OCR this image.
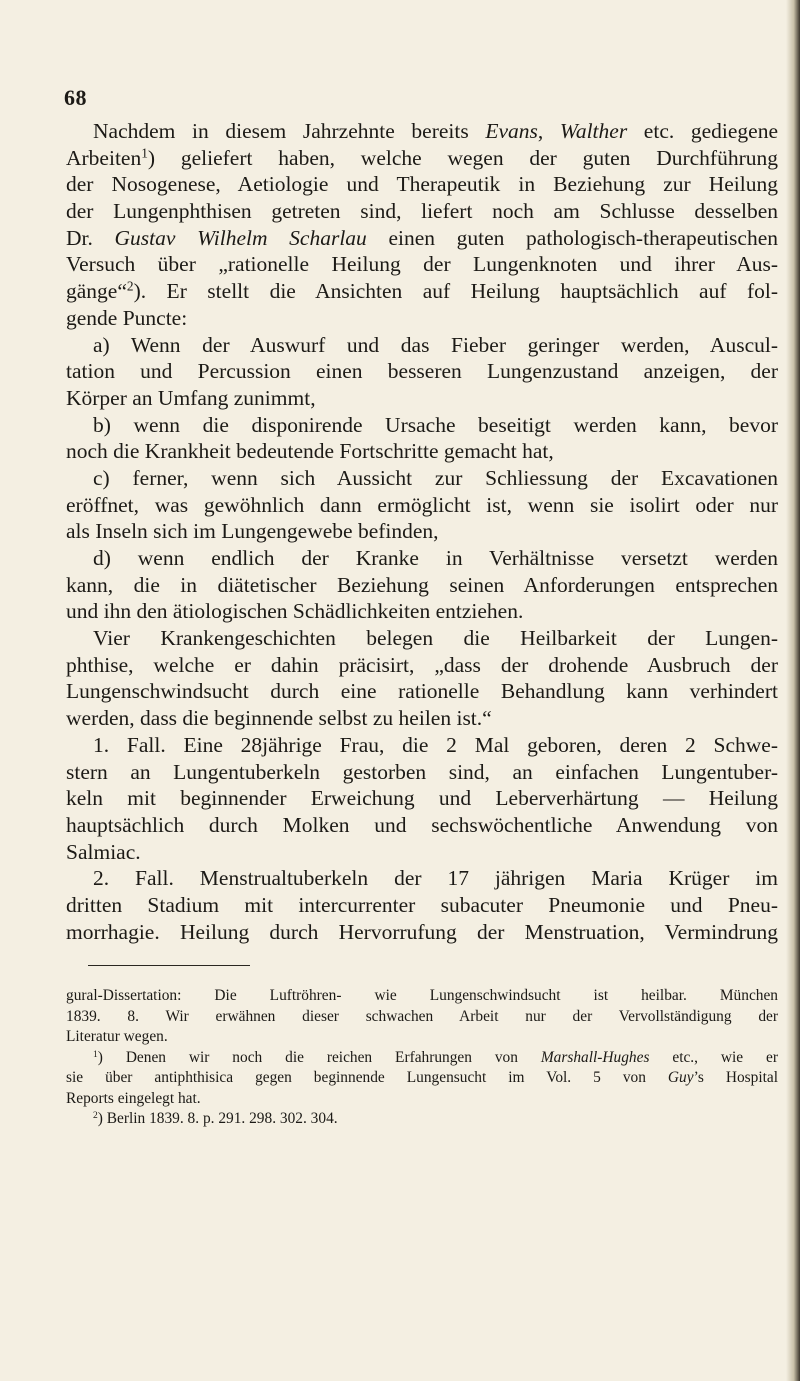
68
Nachdem in diesem Jahrzehnte bereits Evans, Walther etc. gediegene
Arbeiten$^1$) geliefert haben, welche wegen der guten Durchführung
der Nosogenese, Aetiologie und Therapeutik in Beziehung zur Heilung
der Lungenphthisen getreten sind, liefert noch am Schlusse desselben
Dr. Gustav Wilhelm Scharlau einen guten pathologisch-therapeutischen
Versuch über „rationelle Heilung der Lungenknoten und ihrer Aus-
gänge“$^2$). Er stellt die Ansichten auf Heilung hauptsächlich auf fol-
gende Puncte:
a) Wenn der Auswurf und das Fieber geringer werden, Auscul-
tation und Percussion einen besseren Lungenzustand anzeigen, der
Körper an Umfang zunimmt,
b) wenn die disponirende Ursache beseitigt werden kann, bevor
noch die Krankheit bedeutende Fortschritte gemacht hat,
c) ferner, wenn sich Aussicht zur Schliessung der Excavationen
eröffnet, was gewöhnlich dann ermöglicht ist, wenn sie isolirt oder nur
als Inseln sich im Lungengewebe befinden,
d) wenn endlich der Kranke in Verhältnisse versetzt werden
kann, die in diätetischer Beziehung seinen Anforderungen entsprechen
und ihn den ätiologischen Schädlichkeiten entziehen.
Vier Krankengeschichten belegen die Heilbarkeit der Lungen-
phthise, welche er dahin präcisirt, „dass der drohende Ausbruch der
Lungenschwindsucht durch eine rationelle Behandlung kann verhindert
werden, dass die beginnende selbst zu heilen ist.“
1. Fall. Eine 28jährige Frau, die 2 Mal geboren, deren 2 Schwe-
stern an Lungentuberkeln gestorben sind, an einfachen Lungentuber-
keln mit beginnender Erweichung und Leberverhärtung — Heilung
hauptsächlich durch Molken und sechswöchentliche Anwendung von
Salmiac.
2. Fall. Menstrualtuberkeln der 17 jährigen Maria Krüger im
dritten Stadium mit intercurrenter subacuter Pneumonie und Pneu-
morrhagie. Heilung durch Hervorrufung der Menstruation, Vermindrung
gural-Dissertation: Die Luftröhren- wie Lungenschwindsucht ist heilbar. München
1839. 8. Wir erwähnen dieser schwachen Arbeit nur der Vervollständigung der
Literatur wegen.
$^1$) Denen wir noch die reichen Erfahrungen von Marshall-Hughes etc., wie er
sie über antiphthisica gegen beginnende Lungensucht im Vol. 5 von Guy’s Hospital
Reports eingelegt hat.
$^2$) Berlin 1839. 8. p. 291. 298. 302. 304.
